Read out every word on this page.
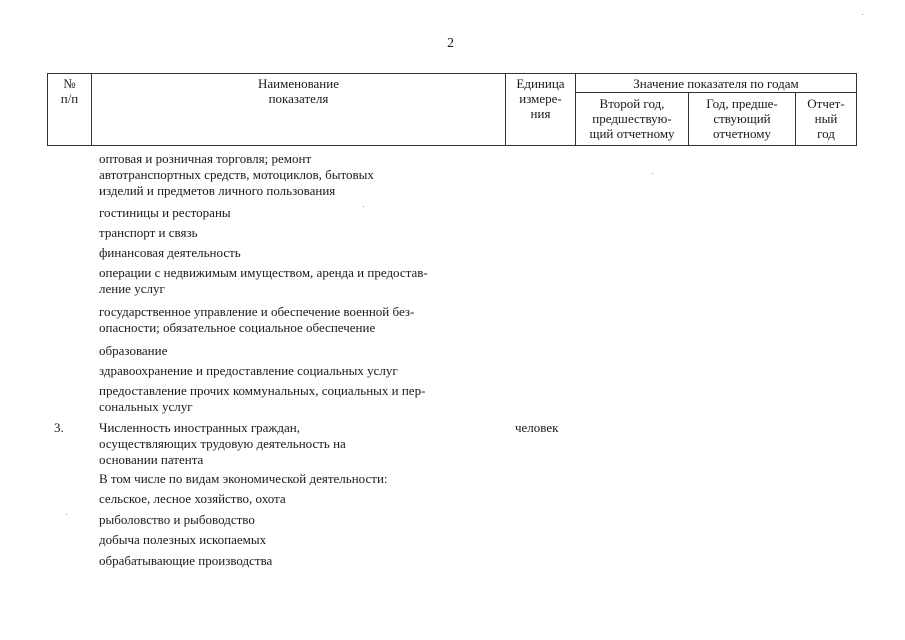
2
№
п/п
Наименование
показателя
Единица
измере-
ния
Значение показателя по годам
Второй год,
предшествую-
щий отчетному
Год, предше-
ствующий
отчетному
Отчет-
ный
год
оптовая и розничная торговля; ремонт
автотранспортных средств, мотоциклов, бытовых
изделий и предметов личного пользования
гостиницы и рестораны
транспорт и связь
финансовая деятельность
операции с недвижимым имуществом, аренда и предостав-
ление услуг
государственное управление и обеспечение военной без-
опасности; обязательное социальное обеспечение
образование
здравоохранение и предоставление социальных услуг
предоставление прочих коммунальных, социальных и пер-
сональных услуг
3.	человек
Численность иностранных граждан,
осуществляющих трудовую деятельность на
основании патента
В том числе по видам экономической деятельности:
сельское, лесное хозяйство, охота
рыболовство и рыбоводство
добыча полезных ископаемых
обрабатывающие производства
